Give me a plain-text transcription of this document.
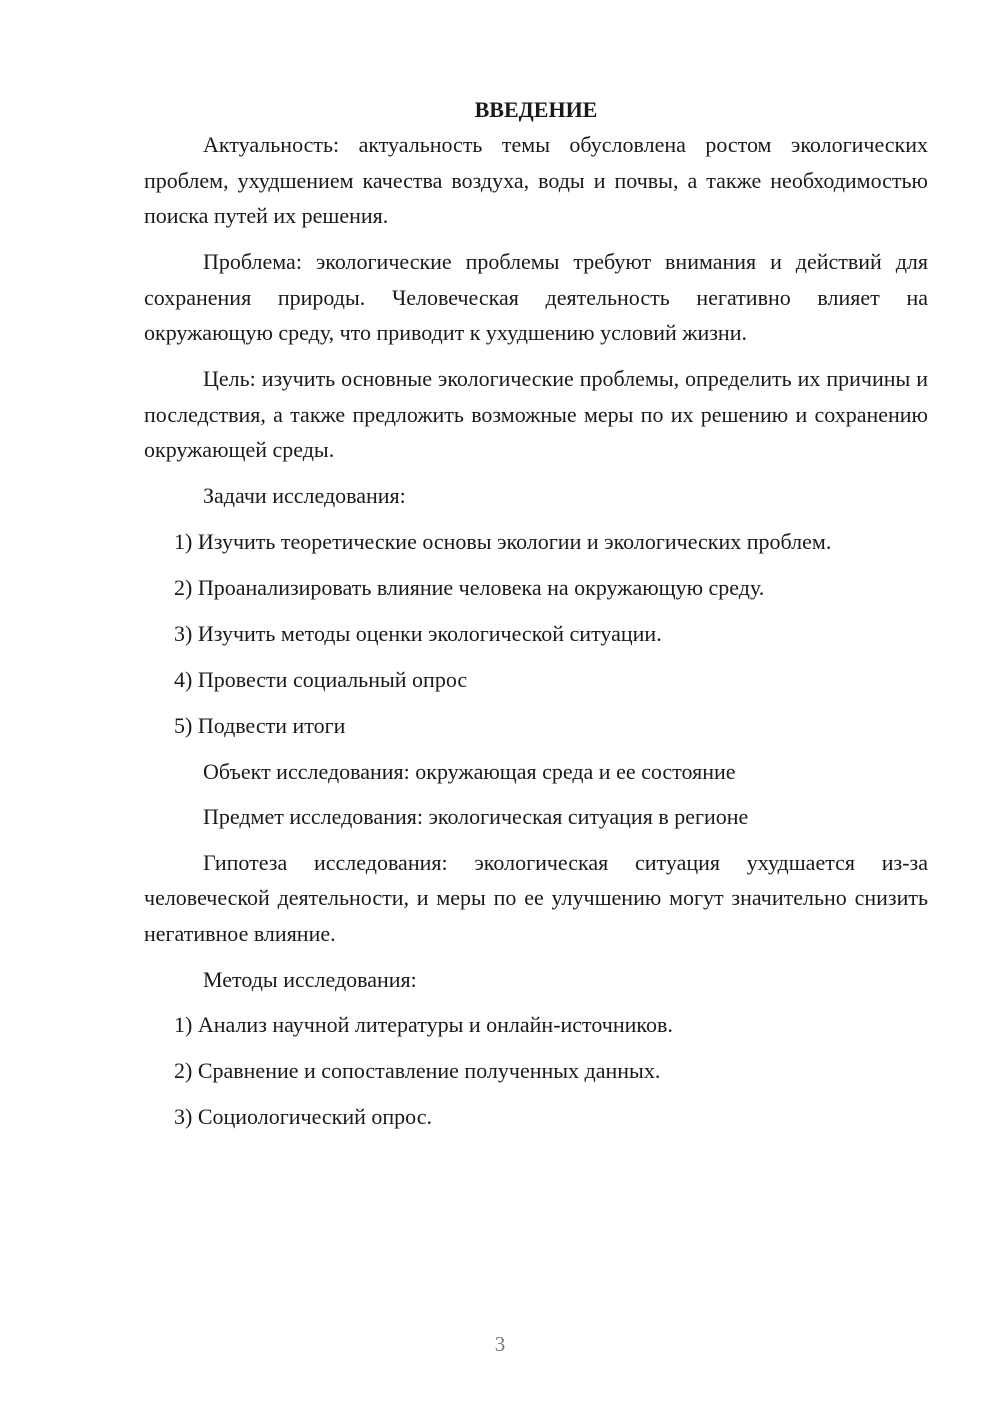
ВВЕДЕНИЕ

Актуальность: актуальность темы обусловлена ростом экологических проблем, ухудшением качества воздуха, воды и почвы, а также необходимостью поиска путей их решения.

Проблема: экологические проблемы требуют внимания и действий для сохранения природы. Человеческая деятельность негативно влияет на окружающую среду, что приводит к ухудшению условий жизни.

Цель: изучить основные экологические проблемы, определить их причины и последствия, а также предложить возможные меры по их решению и сохранению окружающей среды.

Задачи исследования:

1) Изучить теоретические основы экологии и экологических проблем.

2) Проанализировать влияние человека на окружающую среду.

3) Изучить методы оценки экологической ситуации.

4) Провести социальный опрос

5) Подвести итоги

Объект исследования: окружающая среда и ее состояние

Предмет исследования: экологическая ситуация в регионе

Гипотеза исследования: экологическая ситуация ухудшается из-за человеческой деятельности, и меры по ее улучшению могут значительно снизить негативное влияние.

Методы исследования:

1) Анализ научной литературы и онлайн-источников.

2) Сравнение и сопоставление полученных данных.

3) Социологический опрос.

3
